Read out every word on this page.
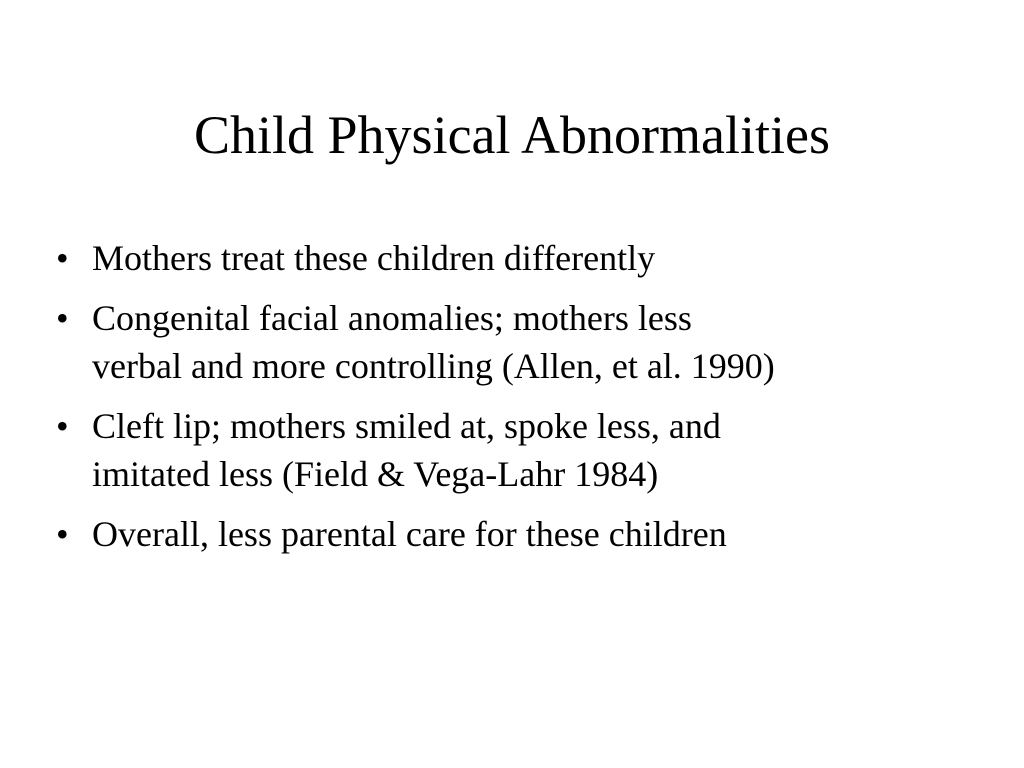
Child Physical Abnormalities
• Mothers treat these children differently
• Congenital facial anomalies; mothers less
verbal and more controlling (Allen, et al. 1990)
• Cleft lip; mothers smiled at, spoke less, and
imitated less (Field & Vega-Lahr 1984)
• Overall, less parental care for these children
